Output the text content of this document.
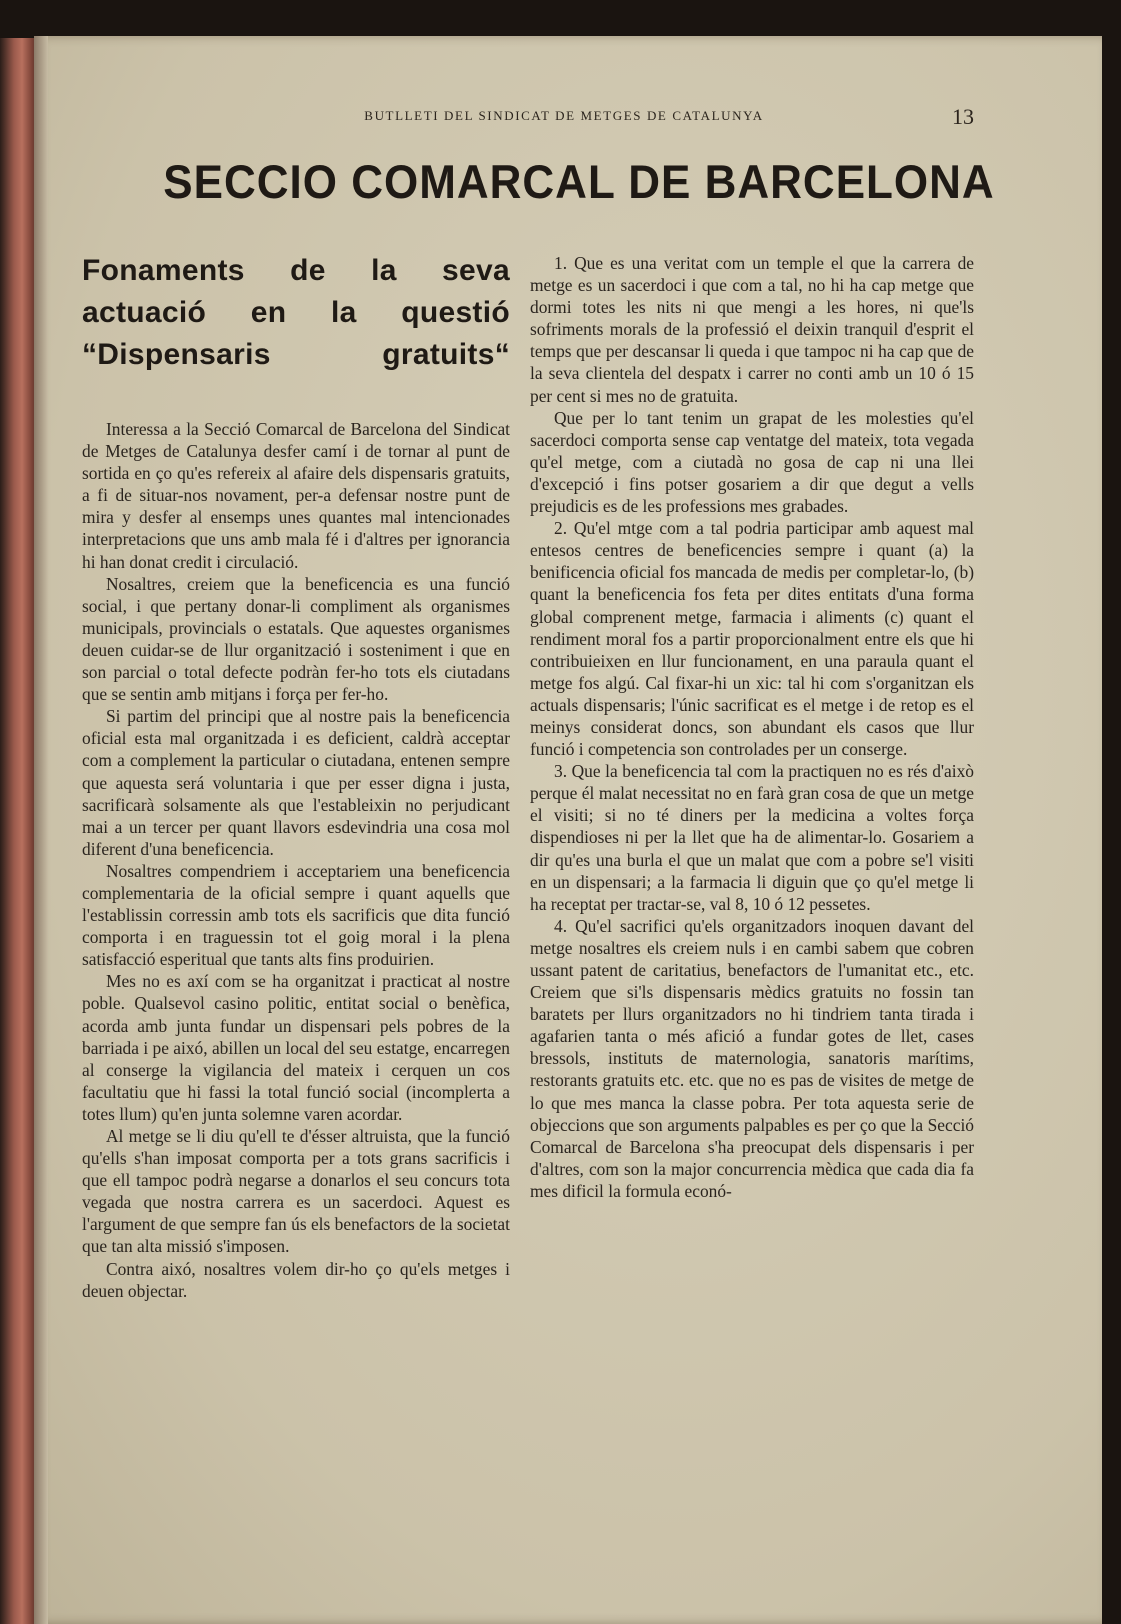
BUTLLETI DEL SINDICAT DE METGES DE CATALUNYA	13
SECCIO COMARCAL DE BARCELONA
Fonaments de la seva actuació en la questió “Dispensaris gratuits“

Interessa a la Secció Comarcal de Barcelona del Sindicat de Metges de Catalunya desfer camí i de tornar al punt de sortida en ço qu'es refereix al afaire dels dispensaris gratuits, a fi de situar-nos novament, per-a defensar nostre punt de mira y desfer al ensemps unes quantes mal intencionades interpretacions que uns amb mala fé i d'altres per ignorancia hi han donat credit i circulació.

Nosaltres, creiem que la beneficencia es una funció social, i que pertany donar-li compliment als organismes municipals, provincials o estatals. Que aquestes organismes deuen cuidar-se de llur organització i sosteniment i que en son parcial o total defecte podràn fer-ho tots els ciutadans que se sentin amb mitjans i força per fer-ho.

Si partim del principi que al nostre pais la beneficencia oficial esta mal organitzada i es deficient, caldrà acceptar com a complement la particular o ciutadana, entenen sempre que aquesta será voluntaria i que per esser digna i justa, sacrificarà solsamente als que l'estableixin no perjudicant mai a un tercer per quant llavors esdevindria una cosa mol diferent d'una beneficencia.

Nosaltres compendriem i acceptariem una beneficencia complementaria de la oficial sempre i quant aquells que l'establissin corressin amb tots els sacrificis que dita funció comporta i en traguessin tot el goig moral i la plena satisfacció esperitual que tants alts fins produirien.

Mes no es axí com se ha organitzat i practicat al nostre poble. Qualsevol casino politic, entitat social o benèfica, acorda amb junta fundar un dispensari pels pobres de la barriada i pe aixó, abillen un local del seu estatge, encarregen al conserge la vigilancia del mateix i cerquen un cos facultatiu que hi fassi la total funció social (incomplerta a totes llum) qu'en junta solemne varen acordar.

Al metge se li diu qu'ell te d'ésser altruista, que la funció qu'ells s'han imposat comporta per a tots grans sacrificis i que ell tampoc podrà negarse a donarlos el seu concurs tota vegada que nostra carrera es un sacerdoci. Aquest es l'argument de que sempre fan ús els benefactors de la societat que tan alta missió s'imposen.

Contra aixó, nosaltres volem dir-ho ço qu'els metges i deuen objectar.

1. Que es una veritat com un temple el que la carrera de metge es un sacerdoci i que com a tal, no hi ha cap metge que dormi totes les nits ni que mengi a les hores, ni que'ls sofriments morals de la professió el deixin tranquil d'esprit el temps que per descansar li queda i que tampoc ni ha cap que de la seva clientela del despatx i carrer no conti amb un 10 ó 15 per cent si mes no de gratuita.

Que per lo tant tenim un grapat de les molesties qu'el sacerdoci comporta sense cap ventatge del mateix, tota vegada qu'el metge, com a ciutadà no gosa de cap ni una llei d'excepció i fins potser gosariem a dir que degut a vells prejudicis es de les professions mes grabades.

2. Qu'el mtge com a tal podria participar amb aquest mal entesos centres de beneficencies sempre i quant (a) la benificencia oficial fos mancada de medis per completar-lo, (b) quant la beneficencia fos feta per dites entitats d'una forma global comprenent metge, farmacia i aliments (c) quant el rendiment moral fos a partir proporcionalment entre els que hi contribuieixen en llur funcionament, en una paraula quant el metge fos algú. Cal fixar-hi un xic: tal hi com s'organitzan els actuals dispensaris; l'únic sacrificat es el metge i de retop es el meinys considerat doncs, son abundant els casos que llur funció i competencia son controlades per un conserge.

3. Que la beneficencia tal com la practiquen no es rés d'això perque él malat necessitat no en farà gran cosa de que un metge el visiti; si no té diners per la medicina a voltes força dispendioses ni per la llet que ha de alimentar-lo. Gosariem a dir qu'es una burla el que un malat que com a pobre se'l visiti en un dispensari; a la farmacia li diguin que ço qu'el metge li ha receptat per tractar-se, val 8, 10 ó 12 pessetes.

4. Qu'el sacrifici qu'els organitzadors inoquen davant del metge nosaltres els creiem nuls i en cambi sabem que cobren ussant patent de caritatius, benefactors de l'umanitat etc., etc. Creiem que si'ls dispensaris mèdics gratuits no fossin tan baratets per llurs organitzadors no hi tindriem tanta tirada i agafarien tanta o més afició a fundar gotes de llet, cases bressols, instituts de maternologia, sanatoris marítims, restorants gratuits etc. etc. que no es pas de visites de metge de lo que mes manca la classe pobra. Per tota aquesta serie de objeccions que son arguments palpables es per ço que la Secció Comarcal de Barcelona s'ha preocupat dels dispensaris i per d'altres, com son la major concurrencia mèdica que cada dia fa mes dificil la formula econó-
